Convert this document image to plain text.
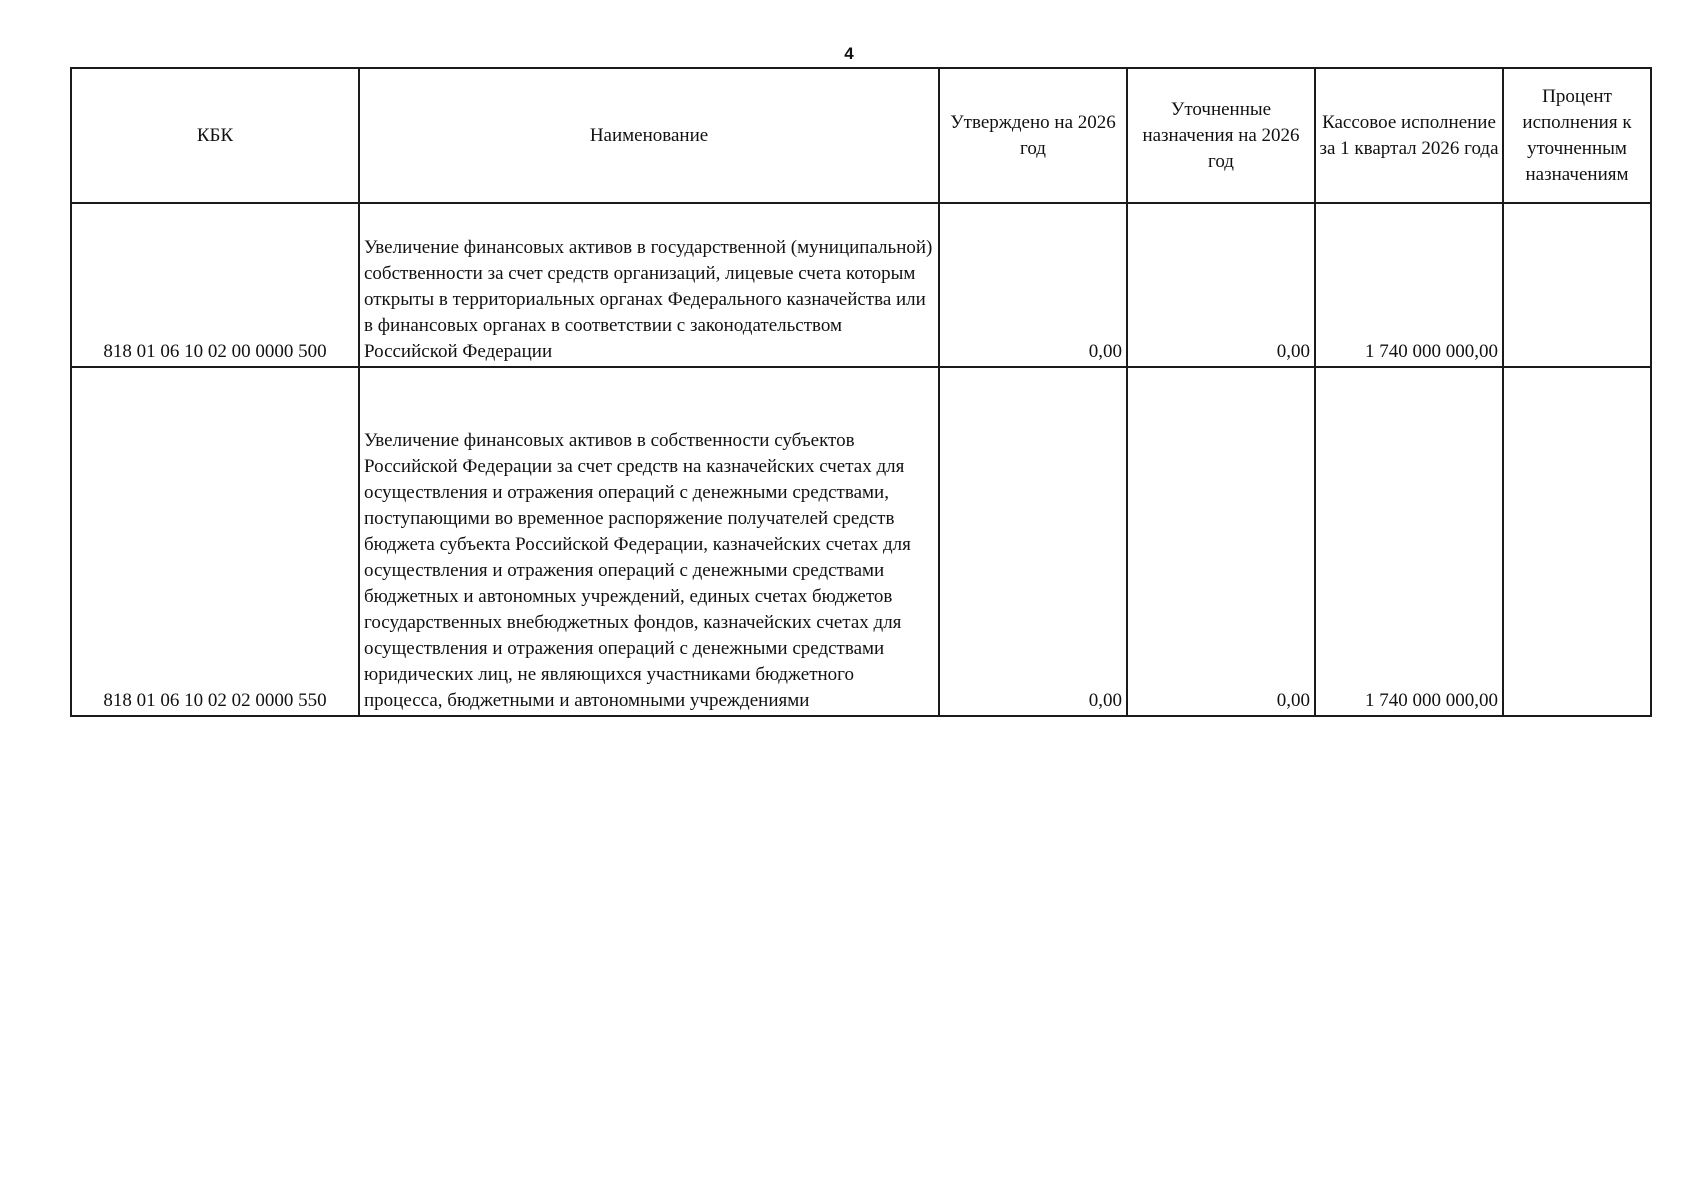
4
КБК	Наименование	Утверждено на 2026 год	Уточненные назначения на 2026 год	Кассовое исполнение за 1 квартал 2026 года	Процент исполнения к уточненным назначениям
818 01 06 10 02 00 0000 500	Увеличение финансовых активов в государственной (муниципальной) собственности за счет средств организаций, лицевые счета которым открыты в территориальных органах Федерального казначейства или в финансовых органах в соответствии с законодательством Российской Федерации	0,00	0,00	1 740 000 000,00	
818 01 06 10 02 02 0000 550	Увеличение финансовых активов в собственности субъектов Российской Федерации за счет средств на казначейских счетах для осуществления и отражения операций с денежными средствами, поступающими во временное распоряжение получателей средств бюджета субъекта Российской Федерации, казначейских счетах для осуществления и отражения операций с денежными средствами бюджетных и автономных учреждений, единых счетах бюджетов государственных внебюджетных фондов, казначейских счетах для осуществления и отражения операций с денежными средствами юридических лиц, не являющихся участниками бюджетного процесса, бюджетными и автономными учреждениями	0,00	0,00	1 740 000 000,00	
